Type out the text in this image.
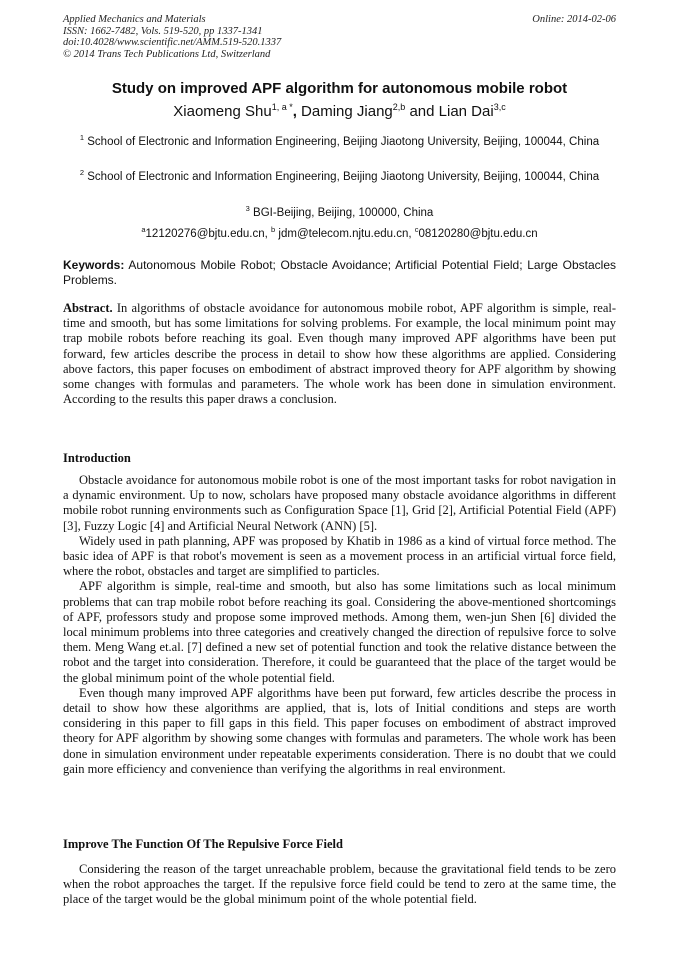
Applied Mechanics and Materials
ISSN: 1662-7482, Vols. 519-520, pp 1337-1341
doi:10.4028/www.scientific.net/AMM.519-520.1337
© 2014 Trans Tech Publications Ltd, Switzerland
Online: 2014-02-06
Study on improved APF algorithm for autonomous mobile robot
Xiaomeng Shu$^{1, a *}$, Daming Jiang$^{2,b}$ and Lian Dai$^{3,c}$
$^1$ School of Electronic and Information Engineering, Beijing Jiaotong University, Beijing, 100044, China
$^2$ School of Electronic and Information Engineering, Beijing Jiaotong University, Beijing, 100044, China
$^3$ BGI-Beijing, Beijing, 100000, China
$^a$12120276@bjtu.edu.cn, $^b$ jdm@telecom.njtu.edu.cn, $^c$08120280@bjtu.edu.cn
Keywords: Autonomous Mobile Robot; Obstacle Avoidance; Artificial Potential Field; Large Obstacles Problems.
Abstract. In algorithms of obstacle avoidance for autonomous mobile robot, APF algorithm is simple, real-time and smooth, but has some limitations for solving problems. For example, the local minimum point may trap mobile robots before reaching its goal. Even though many improved APF algorithms have been put forward, few articles describe the process in detail to show how these algorithms are applied. Considering above factors, this paper focuses on embodiment of abstract improved theory for APF algorithm by showing some changes with formulas and parameters. The whole work has been done in simulation environment. According to the results this paper draws a conclusion.
Introduction

Obstacle avoidance for autonomous mobile robot is one of the most important tasks for robot navigation in a dynamic environment. Up to now, scholars have proposed many obstacle avoidance algorithms in different mobile robot running environments such as Configuration Space [1], Grid [2], Artificial Potential Field (APF) [3], Fuzzy Logic [4] and Artificial Neural Network (ANN) [5].

Widely used in path planning, APF was proposed by Khatib in 1986 as a kind of virtual force method. The basic idea of APF is that robot's movement is seen as a movement process in an artificial virtual force field, where the robot, obstacles and target are simplified to particles.

APF algorithm is simple, real-time and smooth, but also has some limitations such as local minimum problems that can trap mobile robot before reaching its goal. Considering the above-mentioned shortcomings of APF, professors study and propose some improved methods. Among them, wen-jun Shen [6] divided the local minimum problems into three categories and creatively changed the direction of repulsive force to solve them. Meng Wang et.al. [7] defined a new set of potential function and took the relative distance between the robot and the target into consideration. Therefore, it could be guaranteed that the place of the target would be the global minimum point of the whole potential field.

Even though many improved APF algorithms have been put forward, few articles describe the process in detail to show how these algorithms are applied, that is, lots of Initial conditions and steps are worth considering in this paper to fill gaps in this field. This paper focuses on embodiment of abstract improved theory for APF algorithm by showing some changes with formulas and parameters. The whole work has been done in simulation environment under repeatable experiments consideration. There is no doubt that we could gain more efficiency and convenience than verifying the algorithms in real environment.

Improve The Function Of The Repulsive Force Field

Considering the reason of the target unreachable problem, because the gravitational field tends to be zero when the robot approaches the target. If the repulsive force field could be tend to zero at the same time, the place of the target would be the global minimum point of the whole potential field.
